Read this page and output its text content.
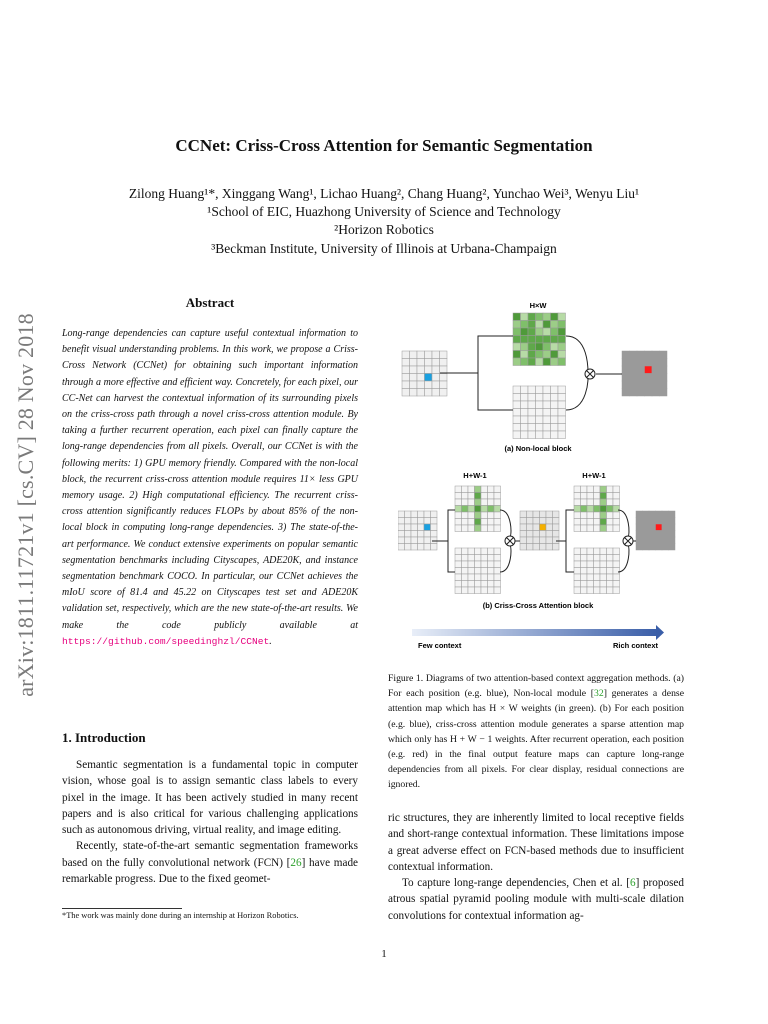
arXiv:1811.11721v1 [cs.CV] 28 Nov 2018
CCNet: Criss-Cross Attention for Semantic Segmentation
Zilong Huang¹*, Xinggang Wang¹, Lichao Huang², Chang Huang², Yunchao Wei³, Wenyu Liu¹
¹School of EIC, Huazhong University of Science and Technology
²Horizon Robotics
³Beckman Institute, University of Illinois at Urbana-Champaign
Abstract
Long-range dependencies can capture useful contextual information to benefit visual understanding problems. In this work, we propose a Criss-Cross Network (CCNet) for obtaining such important information through a more effective and efficient way. Concretely, for each pixel, our CC-Net can harvest the contextual information of its surrounding pixels on the criss-cross path through a novel criss-cross attention module. By taking a further recurrent operation, each pixel can finally capture the long-range dependencies from all pixels. Overall, our CCNet is with the following merits: 1) GPU memory friendly. Compared with the non-local block, the recurrent criss-cross attention module requires 11× less GPU memory usage. 2) High computational efficiency. The recurrent criss-cross attention significantly reduces FLOPs by about 85% of the non-local block in computing long-range dependencies. 3) The state-of-the-art performance. We conduct extensive experiments on popular semantic segmentation benchmarks including Cityscapes, ADE20K, and instance segmentation benchmark COCO. In particular, our CCNet achieves the mIoU score of 81.4 and 45.22 on Cityscapes test set and ADE20K validation set, respectively, which are the new state-of-the-art results. We make the code publicly available at https://github.com/speedinghzl/CCNet.
1. Introduction

Semantic segmentation is a fundamental topic in computer vision, whose goal is to assign semantic class labels to every pixel in the image. It has been actively studied in many recent papers and is also critical for various challenging applications such as autonomous driving, virtual reality, and image editing.

Recently, state-of-the-art semantic segmentation frameworks based on the fully convolutional network (FCN) [26] have made remarkable progress. Due to the fixed geomet-

*The work was mainly done during an internship at Horizon Robotics.
H×W
(a) Non-local block
H+W-1	H+W-1
(b) Criss-Cross Attention block
Few context	Rich context
Figure 1. Diagrams of two attention-based context aggregation methods. (a) For each position (e.g. blue), Non-local module [32] generates a dense attention map which has H × W weights (in green). (b) For each position (e.g. blue), criss-cross attention module generates a sparse attention map which only has H + W − 1 weights. After recurrent operation, each position (e.g. red) in the final output feature maps can capture long-range dependencies from all pixels. For clear display, residual connections are ignored.

ric structures, they are inherently limited to local receptive fields and short-range contextual information. These limitations impose a great adverse effect on FCN-based methods due to insufficient contextual information.

To capture long-range dependencies, Chen et al. [6] proposed atrous spatial pyramid pooling module with multi-scale dilation convolutions for contextual information ag-

1
